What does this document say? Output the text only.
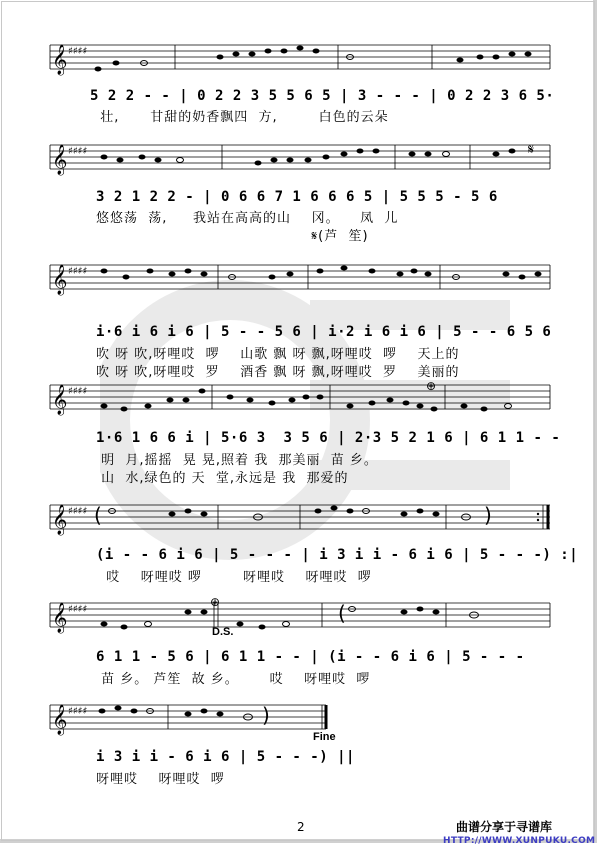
𝄞 ♯♯♯♯
5 2 2 - - | 0 2 2 3 5 5 6 5 | 3 - - - | 0 2 2 3 6 5·
壮,      甘甜的奶香飘四  方,        白色的云朵
𝄞 ♯♯♯♯	𝄋
3 2 1 2 2 - | 0 6 6 7 1 6 6 6 5 | 5 5 5 - 5 6
悠悠荡  荡,     我站在高高的山    冈。    凤  儿
𝄋(芦  笙)
𝄞 ♯♯♯♯
i·6 i 6 i 6 | 5 - - 5 6 | i·2 i 6 i 6 | 5 - - 6 5 6
吹 呀 吹,呀哩哎  啰    山歌 飘 呀 飘,呀哩哎  啰    天上的
吹 呀 吹,呀哩哎  罗    酒香 飘 呀 飘,呀哩哎  罗    美丽的
𝄞 ♯♯♯♯	⊕
1·6 1 6 6 i | 5·6 3  3 5 6 | 2·3 5 2 1 6 | 6 1 1 - -
明  月,摇摇  晃 晃,照着 我  那美丽  苗 乡。
山  水,绿色的 天  堂,永远是 我  那爱的
𝄞 ♯♯♯♯ (	)
(i - - 6 i 6 | 5 - - - | i 3 i i - 6 i 6 | 5 - - -) :|
哎    呀哩哎 啰        呀哩哎    呀哩哎  啰
𝄞 ♯♯♯♯
⊕	(
D.S.
6 1 1 - 5 6 | 6 1 1 - - | (i - - 6 i 6 | 5 - - -
苗 乡。 芦笙  故 乡。      哎    呀哩哎  啰
𝄞 ♯♯♯♯	)
Fine
i 3 i i - 6 i 6 | 5 - - -) ||
呀哩哎    呀哩哎  啰
2	曲谱分享于寻谱库
HTTP://WWW.XUNPUKU.COM
